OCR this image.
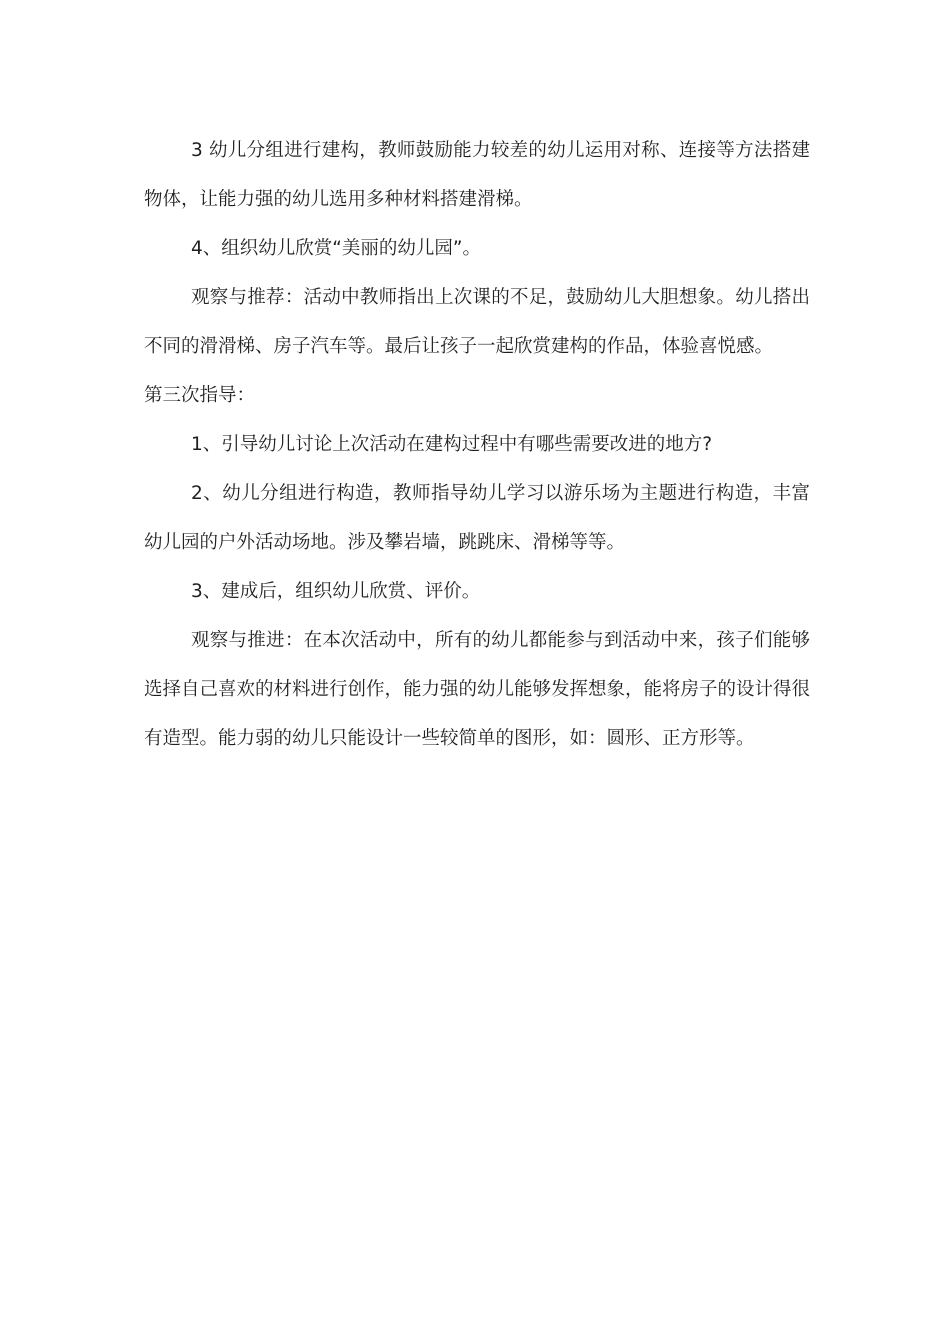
3 幼儿分组进行建构，教师鼓励能力较差的幼儿运用对称、连接等方法搭建物体，让能力强的幼儿选用多种材料搭建滑梯。

4、组织幼儿欣赏“美丽的幼儿园”。

观察与推荐：活动中教师指出上次课的不足，鼓励幼儿大胆想象。幼儿搭出不同的滑滑梯、房子汽车等。最后让孩子一起欣赏建构的作品，体验喜悦感。

第三次指导：

1、引导幼儿讨论上次活动在建构过程中有哪些需要改进的地方?

2、幼儿分组进行构造，教师指导幼儿学习以游乐场为主题进行构造，丰富幼儿园的户外活动场地。涉及攀岩墙，跳跳床、滑梯等等。

3、建成后，组织幼儿欣赏、评价。

观察与推进：在本次活动中，所有的幼儿都能参与到活动中来，孩子们能够选择自己喜欢的材料进行创作，能力强的幼儿能够发挥想象，能将房子的设计得很有造型。能力弱的幼儿只能设计一些较简单的图形，如：圆形、正方形等。
